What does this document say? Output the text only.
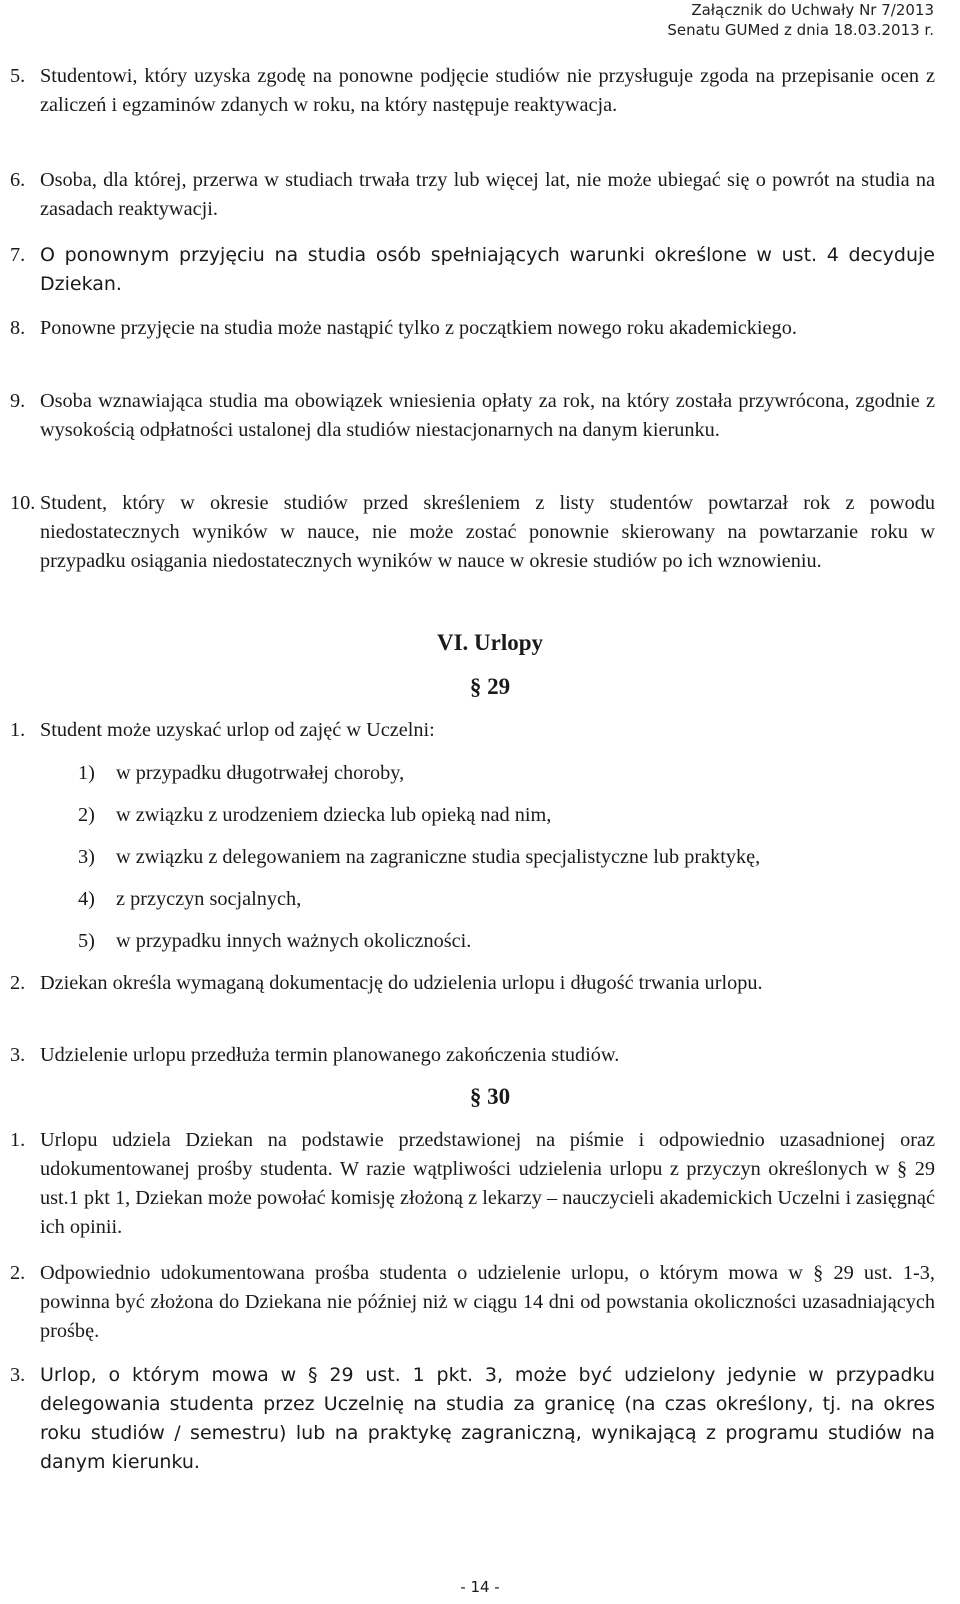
Załącznik do Uchwały Nr 7/2013
Senatu GUMed z dnia 18.03.2013 r.
5. Studentowi, który uzyska zgodę na ponowne podjęcie studiów nie przysługuje zgoda na przepisanie ocen z zaliczeń i egzaminów zdanych w roku, na który następuje reaktywacja.
6. Osoba, dla której, przerwa w studiach trwała trzy lub więcej lat, nie może ubiegać się o powrót na studia na zasadach reaktywacji.
7. O ponownym przyjęciu na studia osób spełniających warunki określone w ust. 4 decyduje Dziekan.
8. Ponowne przyjęcie na studia może nastąpić tylko z początkiem nowego roku akademickiego.
9. Osoba wznawiająca studia ma obowiązek wniesienia opłaty za rok, na który została przywrócona, zgodnie z wysokością odpłatności ustalonej dla studiów niestacjonarnych na danym kierunku.
10. Student, który w okresie studiów przed skreśleniem z listy studentów powtarzał rok z powodu niedostatecznych wyników w nauce, nie może zostać ponownie skierowany na powtarzanie roku w przypadku osiągania niedostatecznych wyników w nauce w okresie studiów po ich wznowieniu.
VI. Urlopy
§ 29
1. Student może uzyskać urlop od zajęć w Uczelni:
1) w przypadku długotrwałej choroby,
2) w związku z urodzeniem dziecka lub opieką nad nim,
3) w związku z delegowaniem na zagraniczne studia specjalistyczne lub praktykę,
4) z przyczyn socjalnych,
5) w przypadku innych ważnych okoliczności.
2. Dziekan określa wymaganą dokumentację do udzielenia urlopu i długość trwania urlopu.
3. Udzielenie urlopu przedłuża termin planowanego zakończenia studiów.
§ 30
1. Urlopu udziela Dziekan na podstawie przedstawionej na piśmie i odpowiednio uzasadnionej oraz udokumentowanej prośby studenta. W razie wątpliwości udzielenia urlopu z przyczyn określonych w § 29 ust.1 pkt 1, Dziekan może powołać komisję złożoną z lekarzy – nauczycieli akademickich Uczelni i zasięgnąć ich opinii.
2. Odpowiednio udokumentowana prośba studenta o udzielenie urlopu, o którym mowa w § 29 ust. 1-3, powinna być złożona do Dziekana nie później niż w ciągu 14 dni od powstania okoliczności uzasadniających prośbę.
3. Urlop, o którym mowa w § 29 ust. 1 pkt. 3, może być udzielony jedynie w przypadku delegowania studenta przez Uczelnię na studia za granicę (na czas określony, tj. na okres roku studiów / semestru) lub na praktykę zagraniczną, wynikającą z programu studiów na danym kierunku.
- 14 -
